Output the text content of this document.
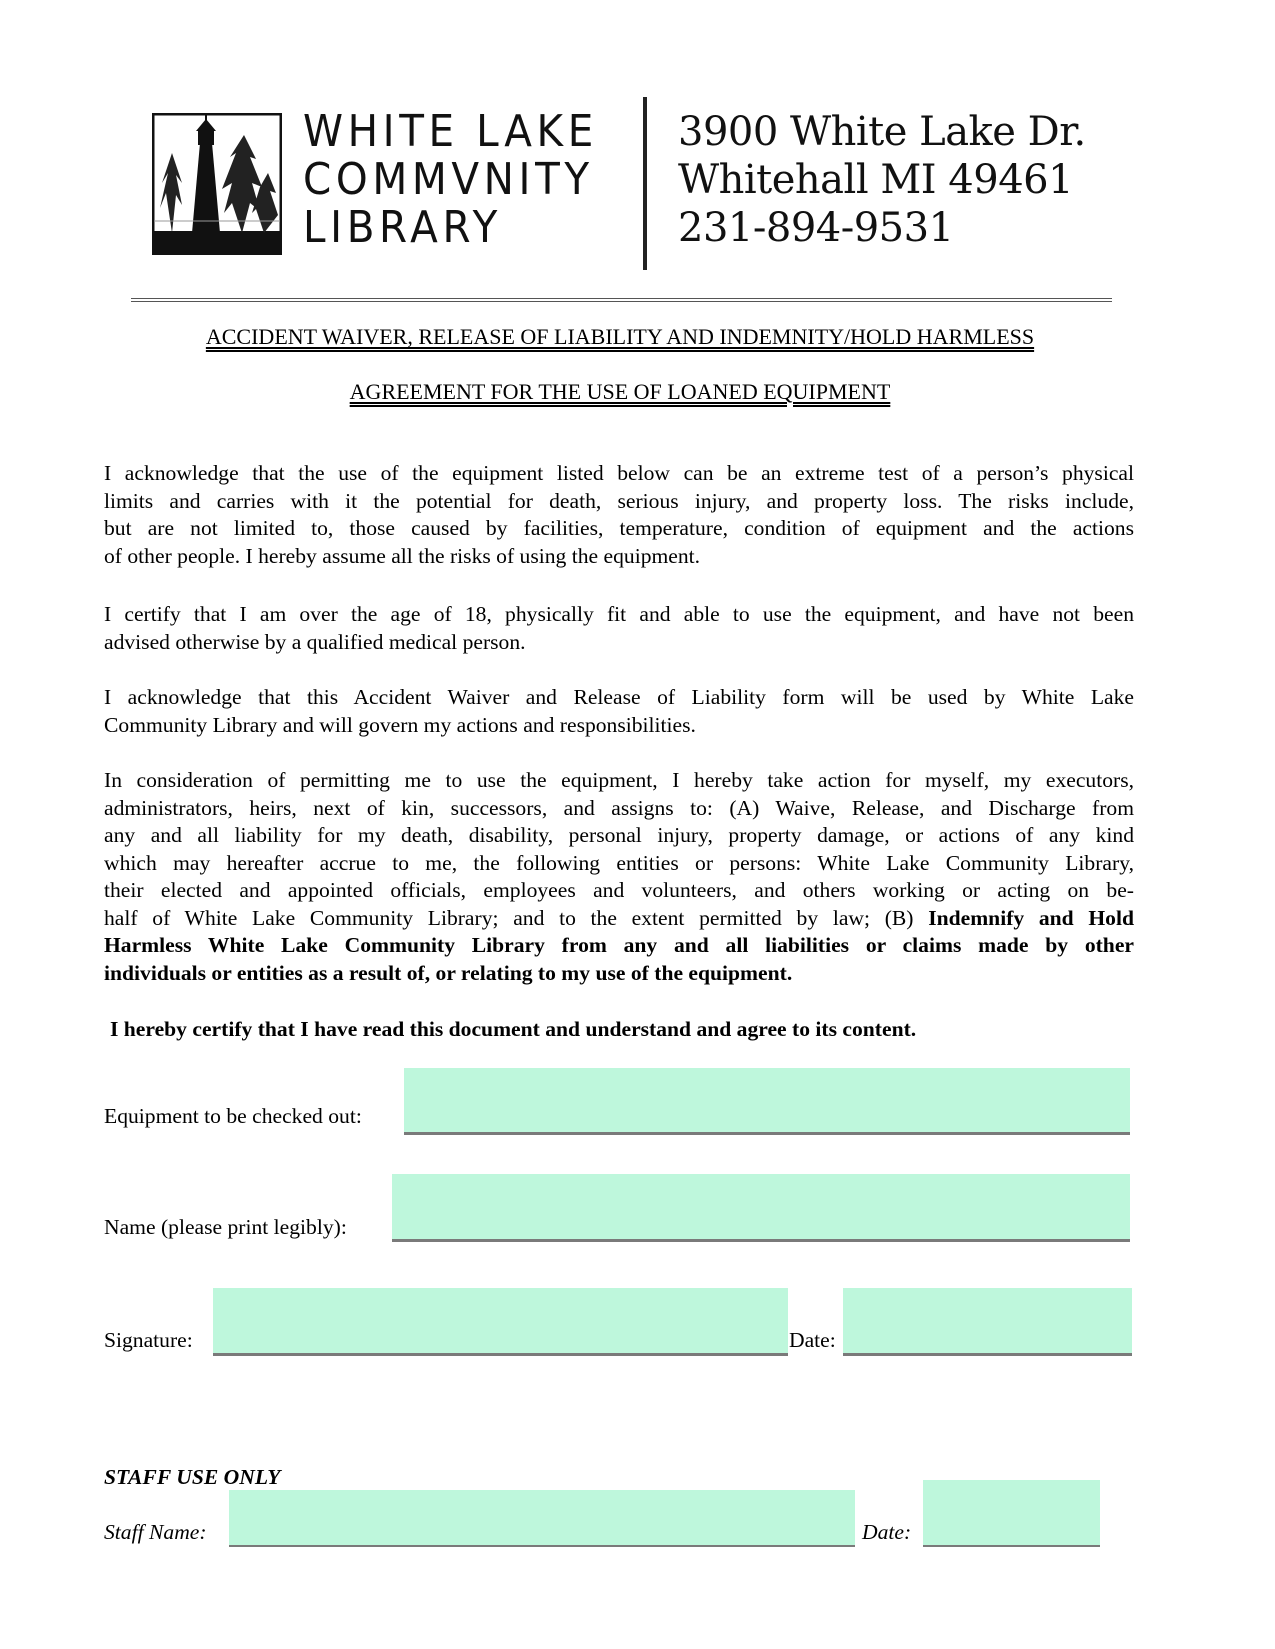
WHITE LAKE
COMMVNITY
LIBRARY
3900 White Lake Dr.
Whitehall MI 49461
231-894-9531
ACCIDENT WAIVER, RELEASE OF LIABILITY AND INDEMNITY/HOLD HARMLESS
AGREEMENT FOR THE USE OF LOANED EQUIPMENT
I acknowledge that the use of the equipment listed below can be an extreme test of a person’s physical
limits and carries with it the potential for death, serious injury, and property loss. The risks include,
but are not limited to, those caused by facilities, temperature, condition of equipment and the actions
of other people. I hereby assume all the risks of using the equipment.
I certify that I am over the age of 18, physically fit and able to use the equipment, and have not been
advised otherwise by a qualified medical person.
I acknowledge that this Accident Waiver and Release of Liability form will be used by White Lake
Community Library and will govern my actions and responsibilities.
In consideration of permitting me to use the equipment, I hereby take action for myself, my executors,
administrators, heirs, next of kin, successors, and assigns to: (A) Waive, Release, and Discharge from
any and all liability for my death, disability, personal injury, property damage, or actions of any kind
which may hereafter accrue to me, the following entities or persons: White Lake Community Library,
their elected and appointed officials, employees and volunteers, and others working or acting on be-
half of White Lake Community Library; and to the extent permitted by law; (B) Indemnify and Hold
Harmless White Lake Community Library from any and all liabilities or claims made by other
individuals or entities as a result of, or relating to my use of the equipment.
I hereby certify that I have read this document and understand and agree to its content.
Equipment to be checked out:
Name (please print legibly):
Signature:	Date:
STAFF USE ONLY
Staff Name:	Date:
